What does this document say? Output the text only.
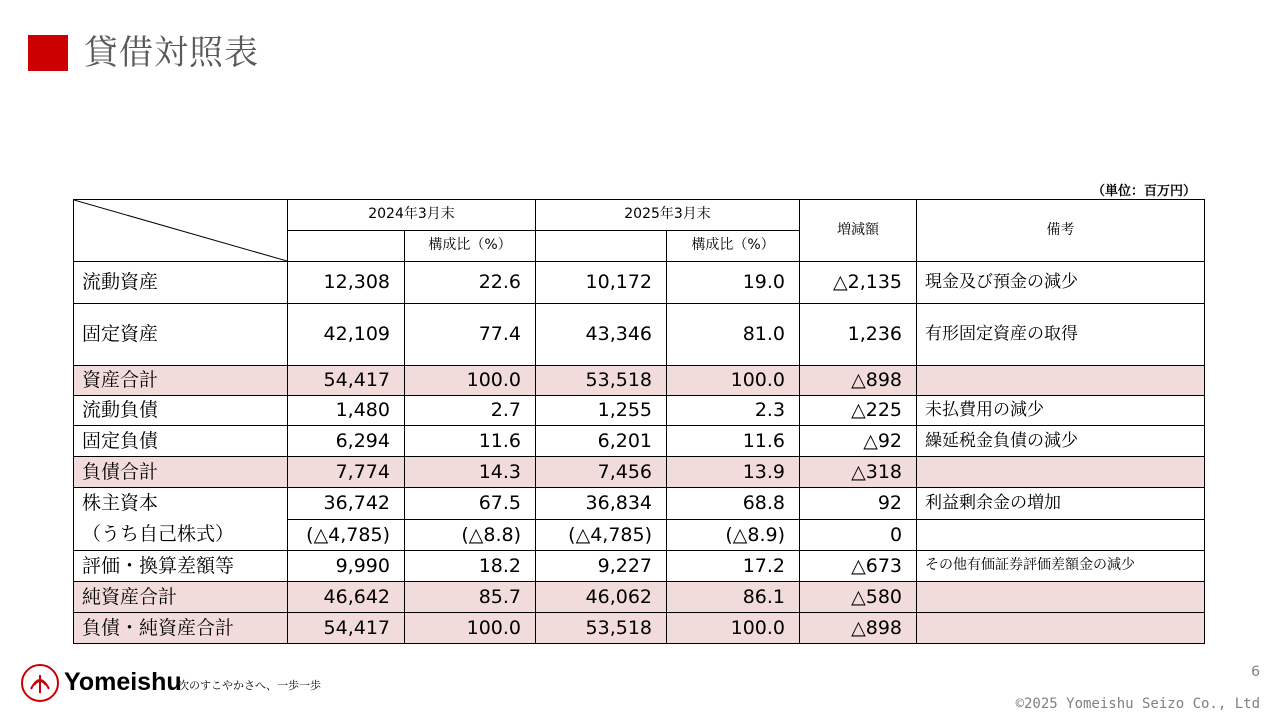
貸借対照表
（単位：百万円）
	2024年3月末		2025年3月末		増減額	備考
		構成比（%）		構成比（%）		
流動資産	12,308	22.6	10,172	19.0	△2,135	現金及び預金の減少
固定資産	42,109	77.4	43,346	81.0	1,236	有形固定資産の取得
資産合計	54,417	100.0	53,518	100.0	△898	
流動負債	1,480	2.7	1,255	2.3	△225	未払費用の減少
固定負債	6,294	11.6	6,201	11.6	△92	繰延税金負債の減少
負債合計	7,774	14.3	7,456	13.9	△318	
株主資本	36,742	67.5	36,834	68.8	92	利益剰余金の増加
（うち自己株式）	(△4,785)	(△8.8)	(△4,785)	(△8.9)	0	
評価・換算差額等	9,990	18.2	9,227	17.2	△673	その他有価証券評価差額金の減少
純資産合計	46,642	85.7	46,062	86.1	△580	
負債・純資産合計	54,417	100.0	53,518	100.0	△898	
Yomeishu
次のすこやかさへ、一歩一歩
6
©2025 Yomeishu Seizo Co., Ltd
